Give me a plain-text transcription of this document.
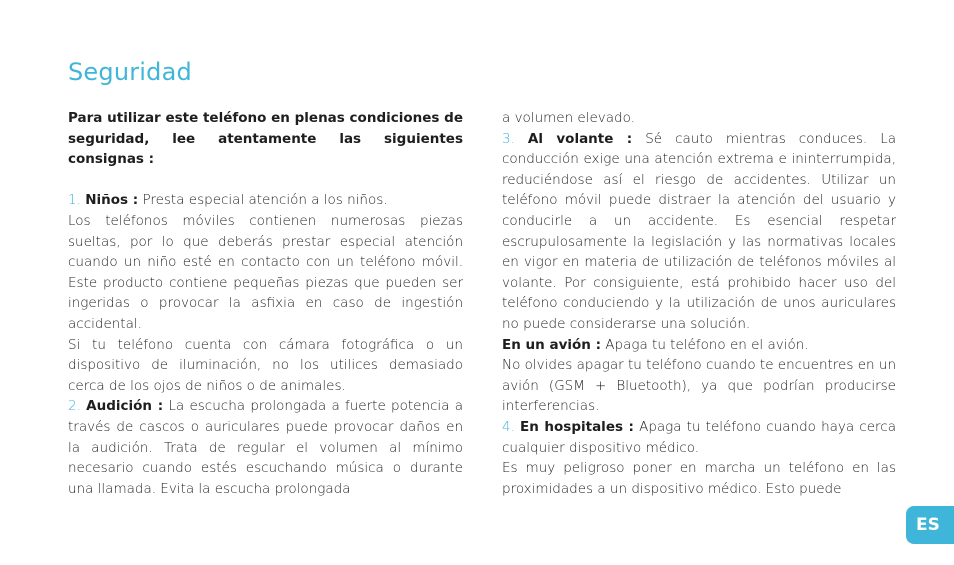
Seguridad

Para utilizar este teléfono en plenas condiciones de seguridad, lee atentamente las siguientes consignas :

1. Niños : Presta especial atención a los niños.

Los teléfonos móviles contienen numerosas piezas sueltas, por lo que deberás prestar especial atención cuando un niño esté en contacto con un teléfono móvil. Este producto contiene pequeñas piezas que pueden ser ingeridas o provocar la asfixia en caso de ingestión accidental.

Si tu teléfono cuenta con cámara fotográfica o un dispositivo de iluminación, no los utilices demasiado cerca de los ojos de niños o de animales.

2. Audición : La escucha prolongada a fuerte potencia a través de cascos o auriculares puede provocar daños en la audición. Trata de regular el volumen al mínimo necesario cuando estés escuchando música o durante una llamada. Evita la escucha prolongada

a volumen elevado.

3. Al volante : Sé cauto mientras conduces. La conducción exige una atención extrema e ininterrumpida, reduciéndose así el riesgo de accidentes. Utilizar un teléfono móvil puede distraer la atención del usuario y conducirle a un accidente. Es esencial respetar escrupulosamente la legislación y las normativas locales en vigor en materia de utilización de teléfonos móviles al volante. Por consiguiente, está prohibido hacer uso del teléfono conduciendo y la utilización de unos auriculares no puede considerarse una solución.

En un avión : Apaga tu teléfono en el avión.

No olvides apagar tu teléfono cuando te encuentres en un avión (GSM + Bluetooth), ya que podrían producirse interferencias.

4. En hospitales : Apaga tu teléfono cuando haya cerca cualquier dispositivo médico.

Es muy peligroso poner en marcha un teléfono en las proximidades a un dispositivo médico. Esto puede

ES
